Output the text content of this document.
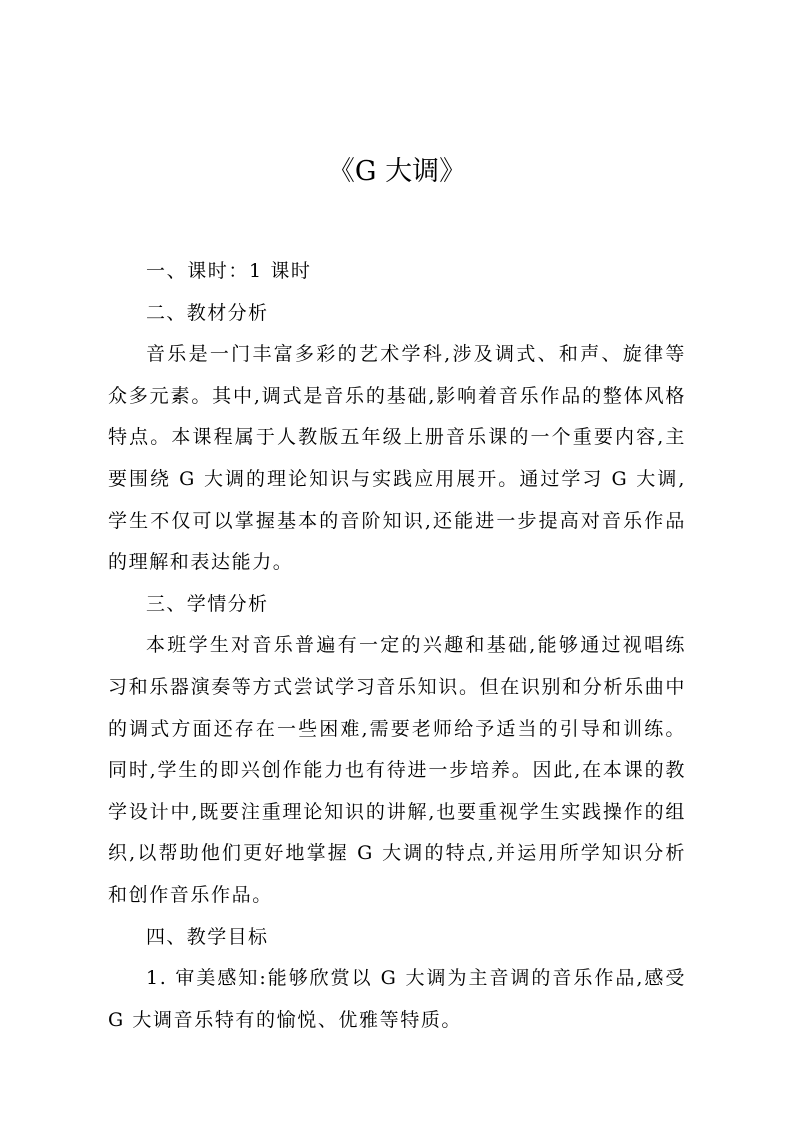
《G 大调》

一、课时：1 课时

二、教材分析

音乐是一门丰富多彩的艺术学科,涉及调式、和声、旋律等众多元素。其中,调式是音乐的基础,影响着音乐作品的整体风格特点。本课程属于人教版五年级上册音乐课的一个重要内容,主要围绕 G 大调的理论知识与实践应用展开。通过学习 G 大调,学生不仅可以掌握基本的音阶知识,还能进一步提高对音乐作品的理解和表达能力。

三、学情分析

本班学生对音乐普遍有一定的兴趣和基础,能够通过视唱练习和乐器演奏等方式尝试学习音乐知识。但在识别和分析乐曲中的调式方面还存在一些困难,需要老师给予适当的引导和训练。同时,学生的即兴创作能力也有待进一步培养。因此,在本课的教学设计中,既要注重理论知识的讲解,也要重视学生实践操作的组织,以帮助他们更好地掌握 G 大调的特点,并运用所学知识分析和创作音乐作品。

四、教学目标

1. 审美感知:能够欣赏以 G 大调为主音调的音乐作品,感受 G 大调音乐特有的愉悦、优雅等特质。
